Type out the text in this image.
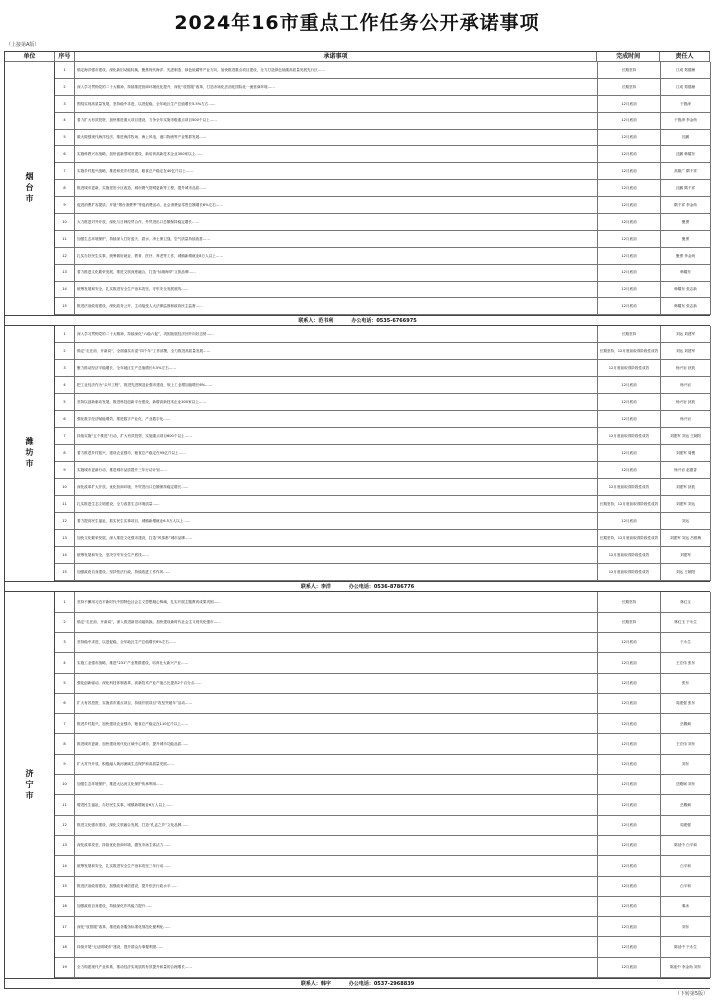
2024年16市重点工作任务公开承诺事项
（上接第A版）
单位	序号	承诺事项	完成时间	责任人
烟台市
1	锚定海洋强市建设，深化新旧动能转换，聚焦现代海洋、先进制造、绿色低碳等产业方向，加快推进重点项目建设，全力打造绿色低碳高质量发展先行区……	长期坚持	江成 郑德雁
2	深入学习贯彻党的二十大精神，持续推进营商环境优化提升，深化“放管服”改革，打造市场化法治化国际化一流营商环境……	长期坚持	江成 郑德雁
3	围绕实现高质量发展，坚持稳中求进，以进促稳，全年地区生产总值增长5.5%左右……	12月底前	于胜涛
4	着力扩大有效投资，加快推进重大项目建设，力争全年实施市级重点项目500个以上……	12月底前	于胜涛 李金尚
5	做大做强现代海洋经济，推进海洋牧场、海上风电、港口物流等产业集群发展……	12月底前	沈鹏
6	实施科教兴市战略，加快创新型城市建设，新培育高新技术企业300家以上……	12月底前	沈鹏 韩耀东
7	实施乡村振兴战略，推进和美乡村建设，粮食总产稳定在40亿斤以上……	12月底前	高雄广 隋千祥
8	推进城市更新，实施老旧小区改造、城市燃气管网更新等工程，提升城市品质……	12月底前	沈鹏 隋千祥
9	促进消费扩容提质，开展“烟台消费季”等促消费活动，社会消费品零售总额增长6%左右……	12月底前	隋千祥 李金尚
10	大力推进对外开放，深化与日韩经贸合作，外贸进出口总额保持稳定增长……	12月底前	聚勇
11	加强生态环境保护，持续深入打好蓝天、碧水、净土保卫战，空气质量持续改善……	12月底前	聚勇
12	扎实办好民生实事，统筹做好就业、教育、医疗、养老等工作，城镇新增就业8万人以上……	12月底前	聚勇 李金尚
13	着力推进文化繁荣发展，推进文旅深度融合，打造“仙境海岸”文旅品牌……	12月底前	韩耀东
14	统筹发展和安全，扎实推进安全生产治本攻坚，守牢安全发展底线……	12月底前	韩耀东 张志新
15	推进法治政府建设，深化政务公开，主动接受人大法律监督和政协民主监督……	12月底前	韩耀东 张志新
联系人：范书利	办公电话：0535-6766975
潍坊市
1	深入学习贯彻党的二十大精神，持续深化“六稳六促”，巩固拓展经济回升向好态势……	长期坚持	刘运 刘建军
2	锚定“走在前、开新局”，全面落实市委“四个年”工作部署，全力推进高质量发展……	长期坚持，12月底前取得阶段性成效	刘运 刘建军
3	聚力推动经济平稳增长，全年地区生产总值增长5.5%左右……	12月底前取得阶段性成效	杨兴岩 狄波
4	把工业经济作为“头号工程”，推进先进制造业强市建设，规上工业增加值增长6%……	12月底前	杨兴岩
5	坚持以创新驱动发展，推进科技创新平台建设，新增高新技术企业300家以上……	12月底前	杨兴岩 狄波
6	强化数字经济赋能增效，推进数字产业化、产业数字化……	12月底前	杨兴岩
7	持续实施“五个推进”行动，扩大有效投资，实施重点项目600个以上……	12月底前取得阶段性成效	刘建军 刘运 王朝阳
8	着力推进乡村振兴，建设农业强市，粮食总产稳定在95亿斤以上……	12月底前	刘建军 周俊
9	实施城市更新行动，推进城市品质提升三年行动计划……	12月底前	杨兴岩 赵德香
10	深化改革扩大开放，优化营商环境，外贸进出口总额保持稳定增长……	12月底前取得阶段性成效	刘建军 狄波
11	扎实推进生态文明建设，全力改善生态环境质量……	长期坚持，12月底前取得阶段性成效	刘建军 刘运
12	着力提高民生福祉，抓实民生实事项目，城镇新增就业6.5万人以上……	12月底前	刘运
13	加快文化繁荣发展，深入推进文化强市建设，打造“风筝都”城市品牌……	长期坚持，12月底前取得阶段性成效	刘建军 刘运 吕根梅
14	统筹发展和安全，坚决守牢安全生产底线……	12月底前取得阶段性成效	刘建军
15	加强政府自身建设，坚持依法行政，持续改进工作作风……	12月底前取得阶段性成效	刘运 王朝阳
联系人：李洋	办公电话：0536-8786776
济宁市
1	坚持不懈用习近平新时代中国特色社会主义思想凝心铸魂，扎实开展主题教育成果巩固……	长期坚持	林红玉
2	锚定“走在前、开新局”，深入推进新旧动能转换，加快建设新时代社会主义现代化强市……	长期坚持	林红玉 于永生
3	坚持稳中求进、以进促稳，全年地区生产总值增长6%左右……	12月底前	于永生
4	实施工业强市战略，推进“231”产业集群建设，培育壮大新兴产业……	12月底前	王宏伟 张东
5	强化创新驱动，深化科技体制改革，高新技术产业产值占比提高2个百分点……	12月底前	张东
6	扩大有效投资，实施省市重点项目，持续开展项目“攻坚突破年”活动……	12月底前	周建强 张东
7	推进乡村振兴，加快建设农业强市，粮食总产稳定在110亿斤以上……	12月底前	岳殿炯
8	推进城市更新，加快建设现代化区域中心城市，提升城市功能品质……	12月底前	王宏伟 刘东
9	扩大对外开放，积极融入黄河流域生态保护和高质量发展……	12月底前	刘东
10	加强生态环境保护，推进大运河文化保护传承利用……	12月底前	岳殿炯 刘东
11	增进民生福祉，办好民生实事，城镇新增就业6万人以上……	12月底前	岳殿炯
12	推进文化强市建设，深化文旅融合发展，打造“孔孟之乡”文化品牌……	12月底前	周建强
13	深化改革攻坚，持续优化营商环境，激发市场主体活力……	12月底前	陈延中 白平和
14	统筹发展和安全，扎实推进安全生产治本攻坚三年行动……	12月底前	白平和
15	推进法治政府建设，加强政务诚信建设，提升依法行政水平……	12月底前	白平和
16	加强政府自身建设，持续深化作风能力提升……	12月底前	秦冰
17	深化“放管服”改革，推进政务服务标准化规范化便利化……	12月底前	刘东
18	持续开展“无证明城市”建设，提升群众办事便利度……	12月底前	陈延中 于永生
19	全力构建现代产业体系，推动经济实现质的有效提升和量的合理增长……	12月底前	陈延中 李金尚 刘东
联系人：韩宇	办公电话：0537-2968839
（下转第5版）
